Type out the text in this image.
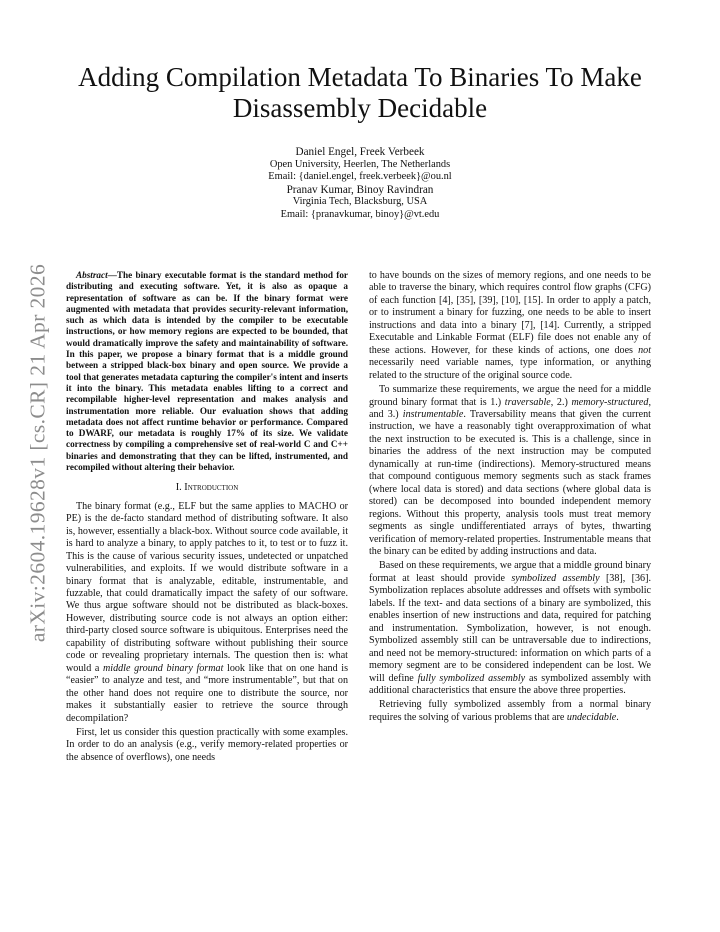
arXiv:2604.19628v1 [cs.CR] 21 Apr 2026
Adding Compilation Metadata To Binaries To Make
Disassembly Decidable
Daniel Engel, Freek Verbeek
Open University, Heerlen, The Netherlands
Email: {daniel.engel, freek.verbeek}@ou.nl
Pranav Kumar, Binoy Ravindran
Virginia Tech, Blacksburg, USA
Email: {pranavkumar, binoy}@vt.edu

Abstract—The binary executable format is the standard method for distributing and executing software. Yet, it is also as opaque a representation of software as can be. If the binary format were augmented with metadata that provides security-relevant information, such as which data is intended by the compiler to be executable instructions, or how memory regions are expected to be bounded, that would dramatically improve the safety and maintainability of software. In this paper, we propose a binary format that is a middle ground between a stripped black-box binary and open source. We provide a tool that generates metadata capturing the compiler's intent and inserts it into the binary. This metadata enables lifting to a correct and recompilable higher-level representation and makes analysis and instrumentation more reliable. Our evaluation shows that adding metadata does not affect runtime behavior or performance. Compared to DWARF, our metadata is roughly 17% of its size. We validate correctness by compiling a comprehensive set of real-world C and C++ binaries and demonstrating that they can be lifted, instrumented, and recompiled without altering their behavior.

I. Introduction

The binary format (e.g., ELF but the same applies to MACHO or PE) is the de-facto standard method of distributing software. It also is, however, essentially a black-box. Without source code available, it is hard to analyze a binary, to apply patches to it, to test or to fuzz it. This is the cause of various security issues, undetected or unpatched vulnerabilities, and exploits. If we would distribute software in a binary format that is analyzable, editable, instrumentable, and fuzzable, that could dramatically impact the safety of our software. We thus argue software should not be distributed as black-boxes. However, distributing source code is not always an option either: third-party closed source software is ubiquitous. Enterprises need the capability of distributing software without publishing their source code or revealing proprietary internals. The question then is: what would a middle ground binary format look like that on one hand is “easier” to analyze and test, and “more instrumentable”, but that on the other hand does not require one to distribute the source, nor makes it substantially easier to retrieve the source through decompilation?

First, let us consider this question practically with some examples. In order to do an analysis (e.g., verify memory-related properties or the absence of overflows), one needs

to have bounds on the sizes of memory regions, and one needs to be able to traverse the binary, which requires control flow graphs (CFG) of each function [4], [35], [39], [10], [15]. In order to apply a patch, or to instrument a binary for fuzzing, one needs to be able to insert instructions and data into a binary [7], [14]. Currently, a stripped Executable and Linkable Format (ELF) file does not enable any of these actions. However, for these kinds of actions, one does not necessarily need variable names, type information, or anything related to the structure of the original source code.

To summarize these requirements, we argue the need for a middle ground binary format that is 1.) traversable, 2.) memory-structured, and 3.) instrumentable. Traversability means that given the current instruction, we have a reasonably tight overapproximation of what the next instruction to be executed is. This is a challenge, since in binaries the address of the next instruction may be computed dynamically at run-time (indirections). Memory-structured means that compound contiguous memory segments such as stack frames (where local data is stored) and data sections (where global data is stored) can be decomposed into bounded independent memory regions. Without this property, analysis tools must treat memory segments as single undifferentiated arrays of bytes, thwarting verification of memory-related properties. Instrumentable means that the binary can be edited by adding instructions and data.

Based on these requirements, we argue that a middle ground binary format at least should provide symbolized assembly [38], [36]. Symbolization replaces absolute addresses and offsets with symbolic labels. If the text- and data sections of a binary are symbolized, this enables insertion of new instructions and data, required for patching and instrumentation. Symbolization, however, is not enough. Symbolized assembly still can be untraversable due to indirections, and need not be memory-structured: information on which parts of a memory segment are to be considered independent can be lost. We will define fully symbolized assembly as symbolized assembly with additional characteristics that ensure the above three properties.

Retrieving fully symbolized assembly from a normal binary requires the solving of various problems that are undecidable.
